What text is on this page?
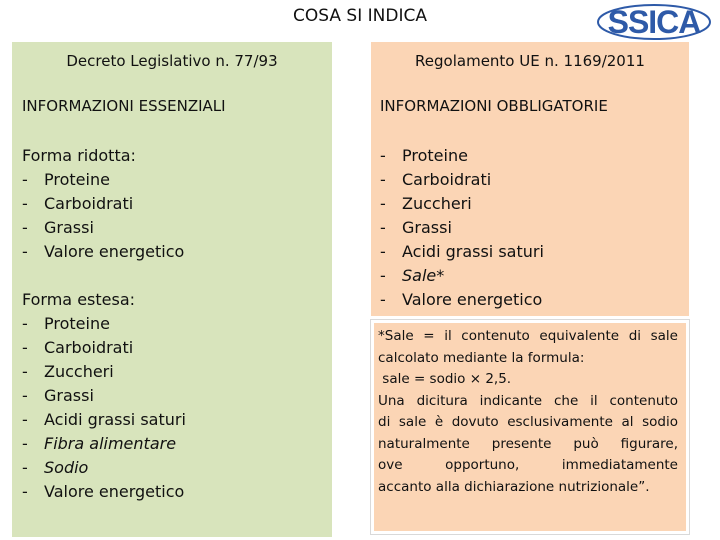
COSA SI INDICA	SSICA
Decreto Legislativo n. 77/93	Regolamento UE n. 1169/2011
INFORMAZIONI ESSENZIALI	INFORMAZIONI OBBLIGATORIE
Forma ridotta:
- Proteine
- Carboidrati
- Grassi
- Valore energetico
Forma estesa:
- Proteine
- Carboidrati
- Zuccheri
- Grassi
- Acidi grassi saturi
- Fibra alimentare
- Sodio
- Valore energetico
- Proteine
- Carboidrati
- Zuccheri
- Grassi
- Acidi grassi saturi
- Sale*
- Valore energetico
*Sale = il contenuto equivalente di sale
calcolato mediante la formula:
sale = sodio × 2,5.
Una dicitura indicante che il contenuto
di sale è dovuto esclusivamente al sodio
naturalmente presente può figurare,
ove opportuno, immediatamente
accanto alla dichiarazione nutrizionale”.
